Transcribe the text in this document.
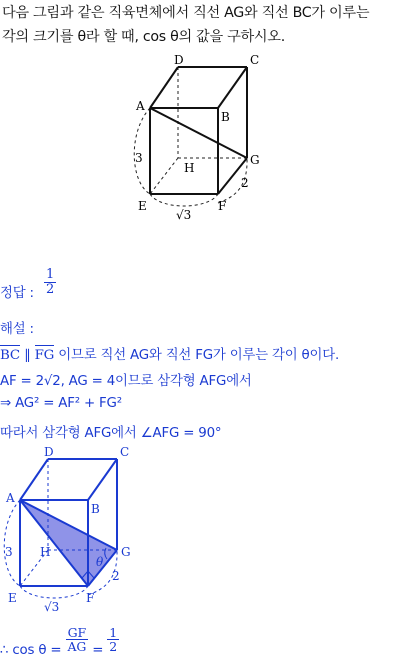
다음 그림과 같은 직육면체에서 직선 AG와 직선 BC가 이루는
각의 크기를 θ라 할 때, cos θ의 값을 구하시오.
D	C
A
B
G
H
E	F
3
2
√3
정답 : $\frac{1}{2}$
해설 :
BC ∥ FG 이므로 직선 AG와 직선 FG가 이루는 각이 θ이다.
AF = 2√2, AG = 4이므로 삼각형 AFG에서
⇒ AG² = AF² + FG²
따라서 삼각형 AFG에서 ∠AFG = 90°
D	C
A
B
G
H
E	F
3
2
√3
θ
∴ $\cos \theta = \frac{GF}{AG} = \frac{1}{2}$
